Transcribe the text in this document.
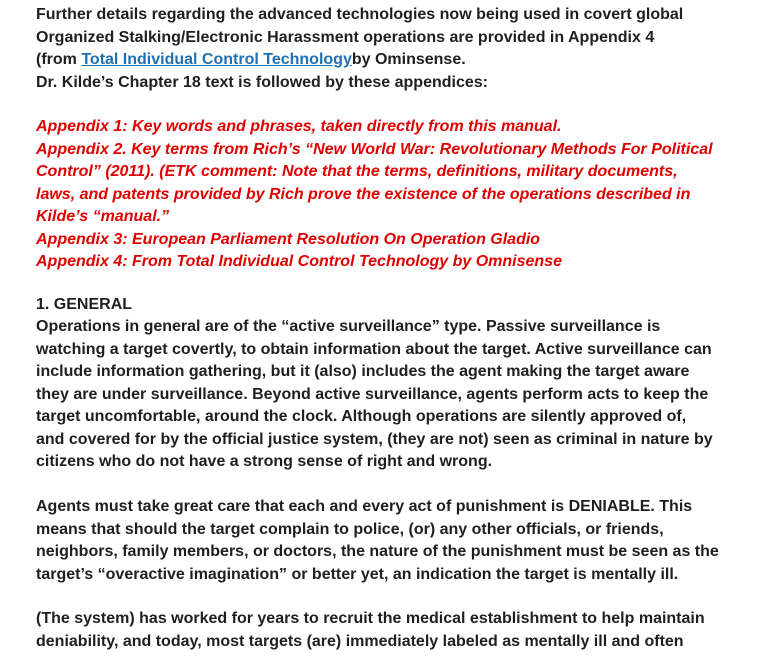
Further details regarding the advanced technologies now being used in covert global
Organized Stalking/Electronic Harassment operations are provided in Appendix 4
(from Total Individual Control Technologyby Ominsense.
Dr. Kilde’s Chapter 18 text is followed by these appendices:
Appendix 1: Key words and phrases, taken directly from this manual.
Appendix 2. Key terms from Rich’s “New World War: Revolutionary Methods For Political
Control” (2011). (ETK comment: Note that the terms, definitions, military documents,
laws, and patents provided by Rich prove the existence of the operations described in
Kilde’s “manual.”
Appendix 3: European Parliament Resolution On Operation Gladio
Appendix 4: From Total Individual Control Technology by Omnisense
1. GENERAL
Operations in general are of the “active surveillance” type. Passive surveillance is
watching a target covertly, to obtain information about the target. Active surveillance can
include information gathering, but it (also) includes the agent making the target aware
they are under surveillance. Beyond active surveillance, agents perform acts to keep the
target uncomfortable, around the clock. Although operations are silently approved of,
and covered for by the official justice system, (they are not) seen as criminal in nature by
citizens who do not have a strong sense of right and wrong.
Agents must take great care that each and every act of punishment is DENIABLE. This
means that should the target complain to police, (or) any other officials, or friends,
neighbors, family members, or doctors, the nature of the punishment must be seen as the
target’s “overactive imagination” or better yet, an indication the target is mentally ill.
(The system) has worked for years to recruit the medical establishment to help maintain
deniability, and today, most targets (are) immediately labeled as mentally ill and often
